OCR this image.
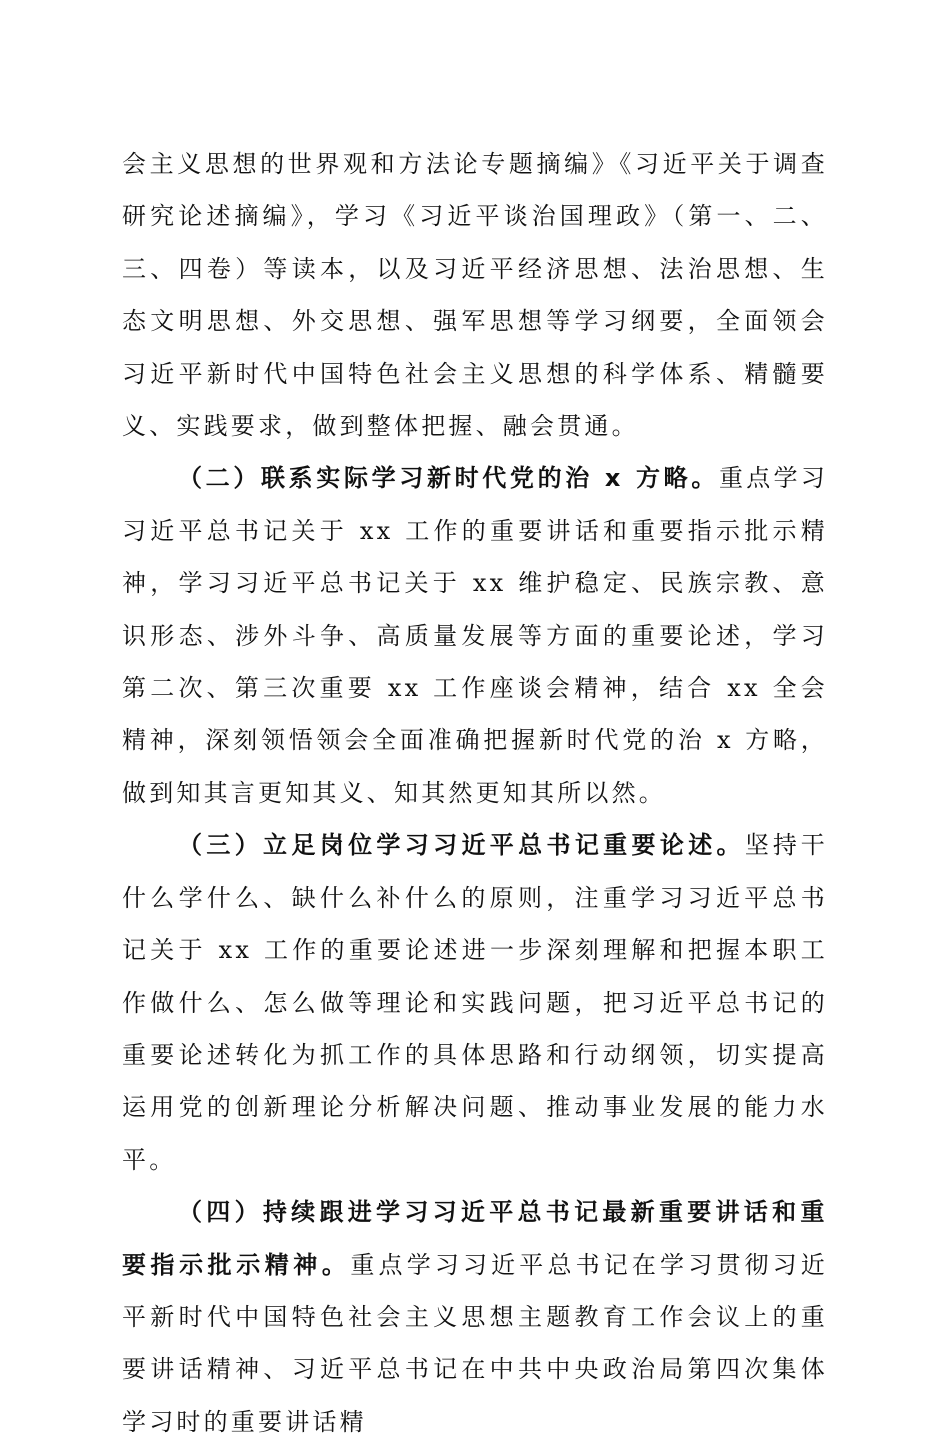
会主义思想的世界观和方法论专题摘编》《习近平关于调查研究论述摘编》，学习《习近平谈治国理政》（第一、二、三、四卷）等读本，以及习近平经济思想、法治思想、生态文明思想、外交思想、强军思想等学习纲要，全面领会习近平新时代中国特色社会主义思想的科学体系、精髓要义、实践要求，做到整体把握、融会贯通。

（二）联系实际学习新时代党的治 x 方略。重点学习习近平总书记关于 xx 工作的重要讲话和重要指示批示精神，学习习近平总书记关于 xx 维护稳定、民族宗教、意识形态、涉外斗争、高质量发展等方面的重要论述，学习第二次、第三次重要 xx 工作座谈会精神，结合 xx 全会精神，深刻领悟领会全面准确把握新时代党的治 x 方略，做到知其言更知其义、知其然更知其所以然。

（三）立足岗位学习习近平总书记重要论述。坚持干什么学什么、缺什么补什么的原则，注重学习习近平总书记关于 xx 工作的重要论述进一步深刻理解和把握本职工作做什么、怎么做等理论和实践问题，把习近平总书记的重要论述转化为抓工作的具体思路和行动纲领，切实提高运用党的创新理论分析解决问题、推动事业发展的能力水平。

（四）持续跟进学习习近平总书记最新重要讲话和重要指示批示精神。重点学习习近平总书记在学习贯彻习近平新时代中国特色社会主义思想主题教育工作会议上的重要讲话精神、习近平总书记在中共中央政治局第四次集体学习时的重要讲话精
